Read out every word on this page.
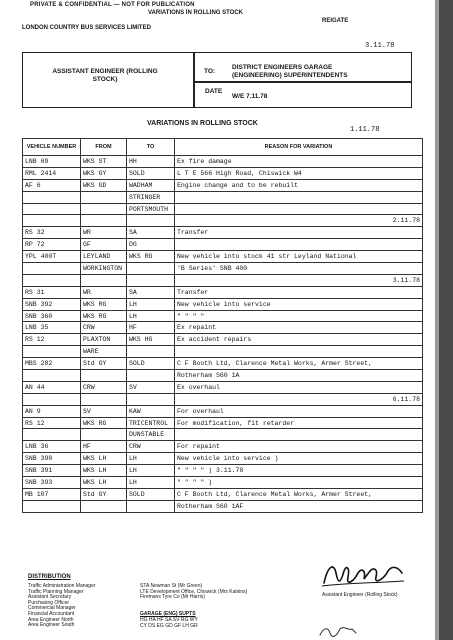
PRIVATE & CONFIDENTIAL — NOT FOR PUBLICATION
VARIATIONS IN ROLLING STOCK
LONDON COUNTRY BUS SERVICES LIMITED
REIGATE
3.11.78
ASSISTANT ENGINEER (ROLLING STOCK)
TO:
DISTRICT ENGINEERS GARAGE (ENGINEERING) SUPERINTENDENTS
DATE
W/E 7.11.78
VARIATIONS IN ROLLING STOCK
1.11.78
VEHICLE NUMBER	FROM	TO	REASON FOR VARIATION
LNB 69	WKS ST	HH	Ex fire damage
RML 2414	WKS GY	SOLD	L T E 566 High Road, Chiswick W4
AF 6	WKS GD	WADHAM	Engine change and to be rebuilt
		STRINGER	
		PORTSMOUTH	
			2.11.78
RS 32	WR	SA	Transfer
RP 72	GF	DG	
YPL 400T	LEYLAND	WKS RG	New vehicle into stock 41 str Leyland National
	WORKINGTON		'B Series' SNB 400
			3.11.78
RS 31	WR	SA	Transfer
SNB 392	WKS RG	LH	New vehicle into service
SNB 360	WKS RG	LH	" " " "
LNB 35	CRW	HF	Ex repaint
RS 12	PLAXTON	WKS HG	Ex accident repairs
	WARE		
MBS 282	Std GY	SOLD	C F Booth Ltd, Clarence Metal Works, Armer Street,
			Rotherham S60 1A
AN 44	CRW	SV	Ex overhaul
			6.11.78
AN 9	SV	KAW	For overhaul
RS 12	WKS RG	TRICENTROL	For modification, fit retarder
		DUNSTABLE	
LNB 36	HF	CRW	For repaint
SNB 390	WKS LH	LH	New vehicle into service )
SNB 391	WKS LH	LH	" " " " ) 3.11.78
SNB 393	WKS LH	LH	" " " " )
MB 107	Std GY	SOLD	C F Booth Ltd, Clarence Metal Works, Armer Street,
			Rotherham S60 1AF
DISTRIBUTION
Traffic Administration Manager
Traffic Planning Manager
Assistant Secretary
Purchasing Officer
Commercial Manager
Financial Accountant
Area Engineer North
Area Engineer South
STA Newman St (Mr Green)
LTE Development Office, Chiswick (Mrs Kalnins)
Firemans Tyre Co (Mr Harris)
GARAGE (ENG) SUPTS
HG HA HF SA SV RG WY
CY DS EG GD GF LH GR
Assistant Engineer (Rolling Stock)
